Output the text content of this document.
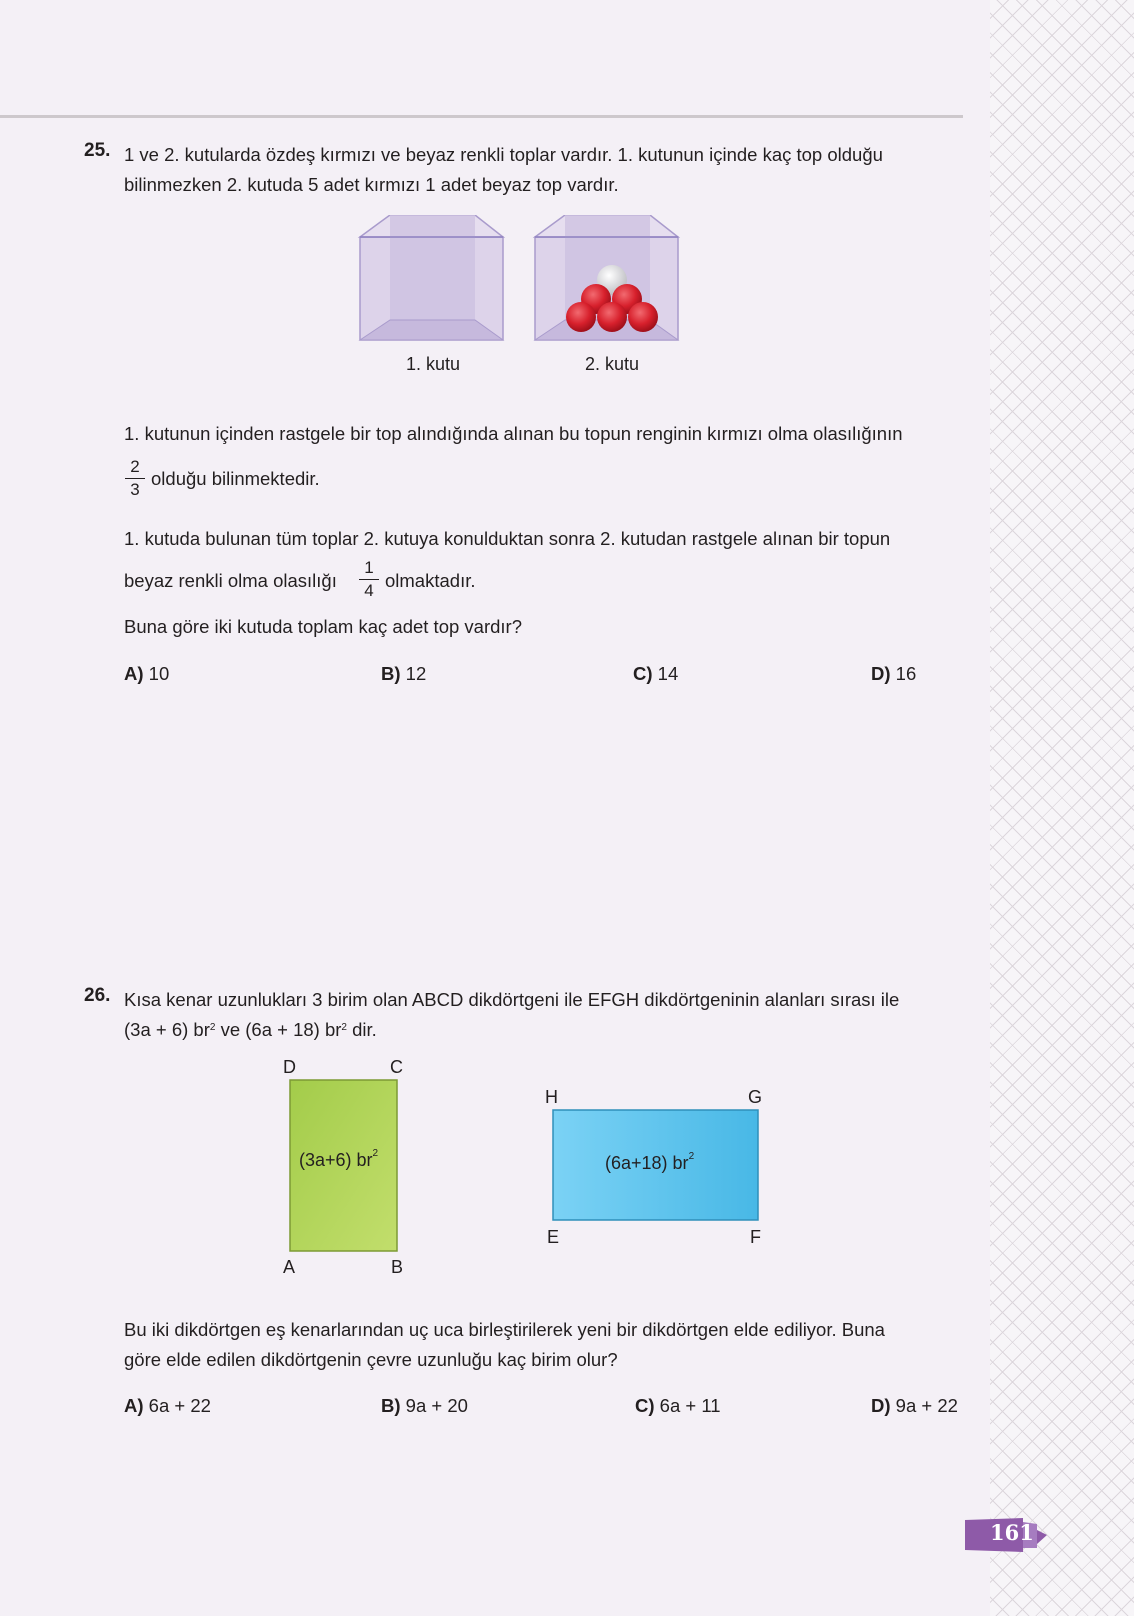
25. 1 ve 2. kutularda özdeş kırmızı ve beyaz renkli toplar vardır. 1. kutunun içinde kaç top olduğu
bilinmezken 2. kutuda 5 adet kırmızı 1 adet beyaz top vardır.
1. kutu	2. kutu
1. kutunun içinden rastgele bir top alındığında alınan bu topun renginin kırmızı olma olasılığının
2
3
olduğu bilinmektedir.
1. kutuda bulunan tüm toplar 2. kutuya konulduktan sonra 2. kutudan rastgele alınan bir topun
beyaz renkli olma olasılığı
1
4 olmaktadır.
Buna göre iki kutuda toplam kaç adet top vardır?
A) 10	B) 12	C) 14	D) 16
26. Kısa kenar uzunlukları 3 birim olan ABCD dikdörtgeni ile EFGH dikdörtgeninin alanları sırası ile
(3a + 6) $br^2$ ve (6a + 18) $br^2$ dir.
D	C
A	B
(3a+6) $br^2$
H	G
E	F
(6a+18) $br^2$
Bu iki dikdörtgen eş kenarlarından uç uca birleştirilerek yeni bir dikdörtgen elde ediliyor. Buna
göre elde edilen dikdörtgenin çevre uzunluğu kaç birim olur?
A) 6a + 22	B) 9a + 20	C) 6a + 11	D) 9a + 22
161
